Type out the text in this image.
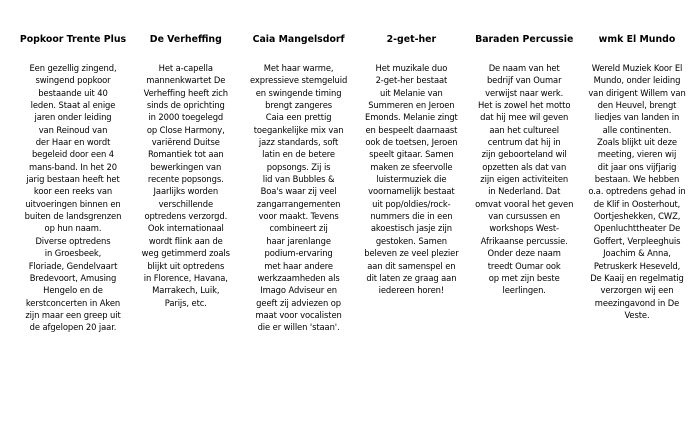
Popkoor Trente Plus
Een gezellig zingend,
swingend popkoor
bestaande uit 40
leden. Staat al enige
jaren onder leiding
van Reinoud van
der Haar en wordt
begeleid door een 4
mans-band. In het 20
jarig bestaan heeft het
koor een reeks van
uitvoeringen binnen en
buiten de landsgrenzen
op hun naam.
Diverse optredens
in Groesbeek,
Floriade, Gendelvaart
Bredevoort, Amusing
Hengelo en de
kerstconcerten in Aken
zijn maar een greep uit
de afgelopen 20 jaar.
De Verheffing
Het a-capella
mannenkwartet De
Verheffing heeft zich
sinds de oprichting
in 2000 toegelegd
op Close Harmony,
variërend Duitse
Romantiek tot aan
bewerkingen van
recente popsongs.
Jaarlijks worden
verschillende
optredens verzorgd.
Ook internationaal
wordt flink aan de
weg getimmerd zoals
blijkt uit optredens
in Florence, Havana,
Marrakech, Luik,
Parijs, etc.
Caia Mangelsdorf
Met haar warme,
expressieve stemgeluid
en swingende timing
brengt zangeres
Caia een prettig
toegankelijke mix van
jazz standards, soft
latin en de betere
popsongs. Zij is
lid van Bubbles &
Boa's waar zij veel
zangarrangementen
voor maakt. Tevens
combineert zij
haar jarenlange
podium-ervaring
met haar andere
werkzaamheden als
Imago Adviseur en
geeft zij adviezen op
maat voor vocalisten
die er willen 'staan'.
2-get-her
Het muzikale duo
2-get-her bestaat
uit Melanie van
Summeren en Jeroen
Emonds. Melanie zingt
en bespeelt daarnaast
ook de toetsen, Jeroen
speelt gitaar. Samen
maken ze sfeervolle
luistermuziek die
voornamelijk bestaat
uit pop/oldies/rock-
nummers die in een
akoestisch jasje zijn
gestoken. Samen
beleven ze veel plezier
aan dit samenspel en
dit laten ze graag aan
iedereen horen!
Baraden Percussie
De naam van het
bedrijf van Oumar
verwijst naar werk.
Het is zowel het motto
dat hij mee wil geven
aan het cultureel
centrum dat hij in
zijn geboorteland wil
opzetten als dat van
zijn eigen activiteiten
in Nederland. Dat
omvat vooral het geven
van cursussen en
workshops West-
Afrikaanse percussie.
Onder deze naam
treedt Oumar ook
op met zijn beste
leerlingen.
wmk El Mundo
Wereld Muziek Koor El
Mundo, onder leiding
van dirigent Willem van
den Heuvel, brengt
liedjes van landen in
alle continenten.
Zoals blijkt uit deze
meeting, vieren wij
dit jaar ons vijfjarig
bestaan. We hebben
o.a. optredens gehad in
de Klif in Oosterhout,
Oortjeshekken, CWZ,
Openluchttheater De
Goffert, Verpleeghuis
Joachim & Anna,
Petruskerk Heseveld,
De Kaaij en regelmatig
verzorgen wij een
meezingavond in De
Veste.
